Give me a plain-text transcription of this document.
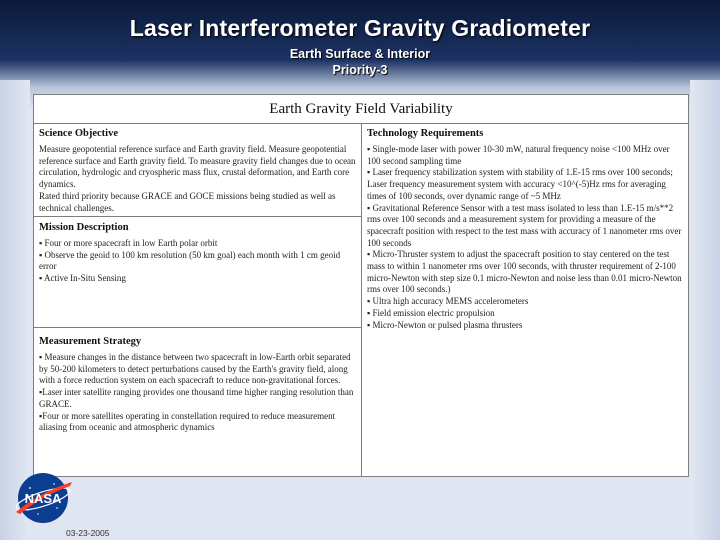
Laser Interferometer Gravity Gradiometer
Earth Surface & Interior
Priority-3
Earth Gravity Field Variability
Science Objective

Measure geopotential reference surface and Earth gravity field. Measure geopotential reference surface and Earth gravity field. To measure gravity field changes due to ocean circulation, hydrologic and cryospheric mass flux, crustal deformation, and Earth core dynamics.

Rated third priority because GRACE and GOCE missions being studied as well as technical challenges.

Mission Description
▪ Four or more spacecraft in low Earth polar orbit
▪ Observe the geoid to 100 km resolution (50 km goal) each month with 1 cm geoid error
▪ Active In-Situ Sensing
Measurement Strategy
▪ Measure changes in the distance between two spacecraft in low-Earth orbit separated by 50-200 kilometers to detect perturbations caused by the Earth's gravity field, along with a force reduction system on each spacecraft to reduce non-gravitational forces.
▪Laser inter satellite ranging provides one thousand time higher ranging resolution than GRACE.
▪Four or more satellites operating in constellation required to reduce measurement aliasing from oceanic and atmospheric dynamics
Technology Requirements
▪ Single-mode laser with power 10-30 mW, natural frequency noise <100 MHz over 100 second sampling time
▪ Laser frequency stabilization system with stability of 1.E-15 rms over 100 seconds; Laser frequency measurement system with accuracy <10^(-5)Hz rms for averaging times of 100 seconds, over dynamic range of ~5 MHz
▪ Gravitational Reference Sensor with a test mass isolated to less than 1.E-15 m/s**2 rms over 100 seconds and a measurement system for providing a measure of the spacecraft position with respect to the test mass with accuracy of 1 nanometer rms over 100 seconds
▪ Micro-Thruster system to adjust the spacecraft position to stay centered on the test mass to within 1 nanometer rms over 100 seconds, with thruster requirement of 2-100 micro-Newton with step size 0.1 micro-Newton and noise less than 0.01 micro-Newton rms over 100 seconds.)
▪ Ultra high accuracy MEMS accelerometers
▪ Field emission electric propulsion
▪ Micro-Newton or pulsed plasma thrusters
NASA
03-23-2005
